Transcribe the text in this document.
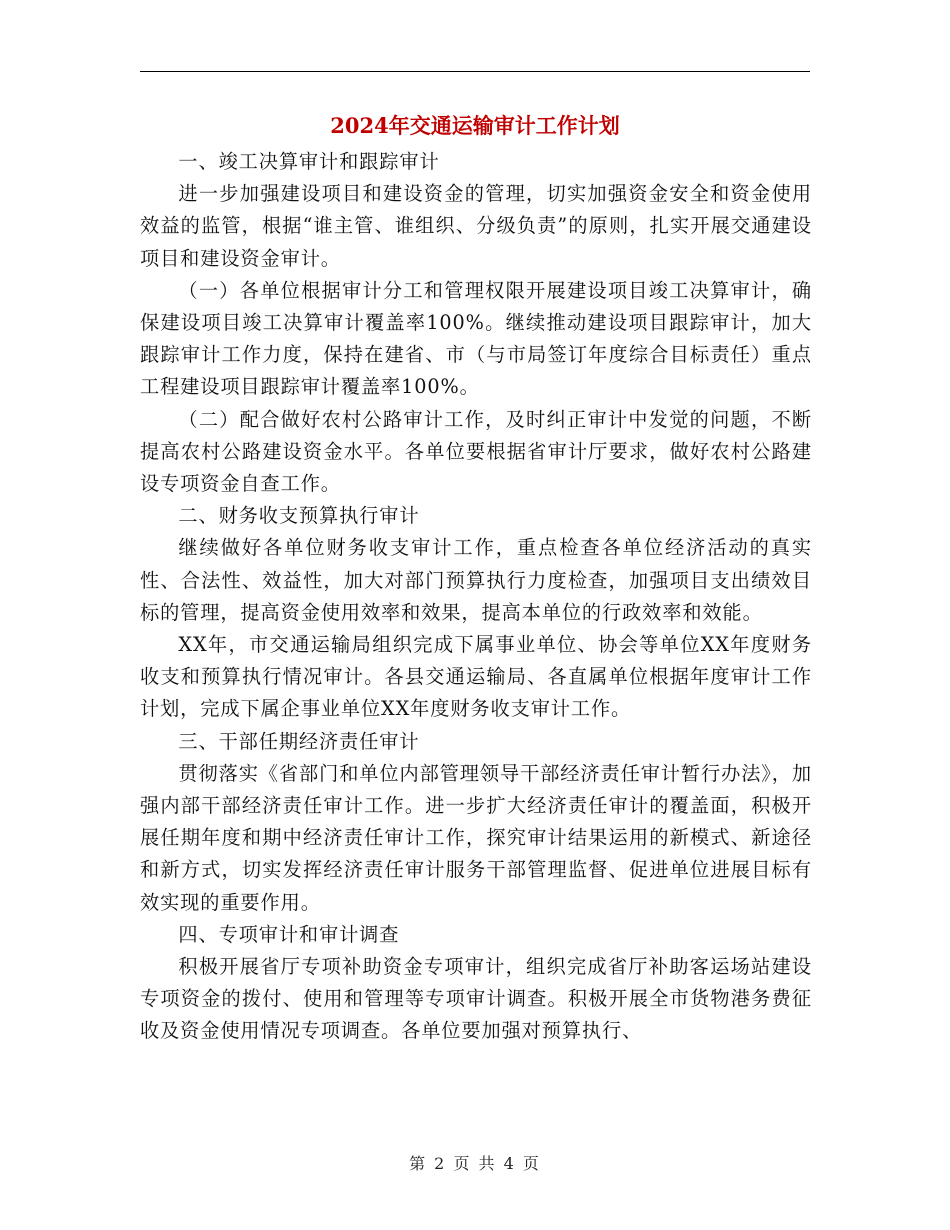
2024年交通运输审计工作计划

一、竣工决算审计和跟踪审计

进一步加强建设项目和建设资金的管理，切实加强资金安全和资金使用效益的监管，根据“谁主管、谁组织、分级负责”的原则，扎实开展交通建设项目和建设资金审计。

（一）各单位根据审计分工和管理权限开展建设项目竣工决算审计，确保建设项目竣工决算审计覆盖率100%。继续推动建设项目跟踪审计，加大跟踪审计工作力度，保持在建省、市（与市局签订年度综合目标责任）重点工程建设项目跟踪审计覆盖率100%。

（二）配合做好农村公路审计工作，及时纠正审计中发觉的问题，不断提高农村公路建设资金水平。各单位要根据省审计厅要求，做好农村公路建设专项资金自查工作。

二、财务收支预算执行审计

继续做好各单位财务收支审计工作，重点检查各单位经济活动的真实性、合法性、效益性，加大对部门预算执行力度检查，加强项目支出绩效目标的管理，提高资金使用效率和效果，提高本单位的行政效率和效能。

XX年，市交通运输局组织完成下属事业单位、协会等单位XX年度财务收支和预算执行情况审计。各县交通运输局、各直属单位根据年度审计工作计划，完成下属企事业单位XX年度财务收支审计工作。

三、干部任期经济责任审计

贯彻落实《省部门和单位内部管理领导干部经济责任审计暂行办法》，加强内部干部经济责任审计工作。进一步扩大经济责任审计的覆盖面，积极开展任期年度和期中经济责任审计工作，探究审计结果运用的新模式、新途径和新方式，切实发挥经济责任审计服务干部管理监督、促进单位进展目标有效实现的重要作用。

四、专项审计和审计调查

积极开展省厅专项补助资金专项审计，组织完成省厅补助客运场站建设专项资金的拨付、使用和管理等专项审计调查。积极开展全市货物港务费征收及资金使用情况专项调查。各单位要加强对预算执行、

第 2 页 共 4 页
